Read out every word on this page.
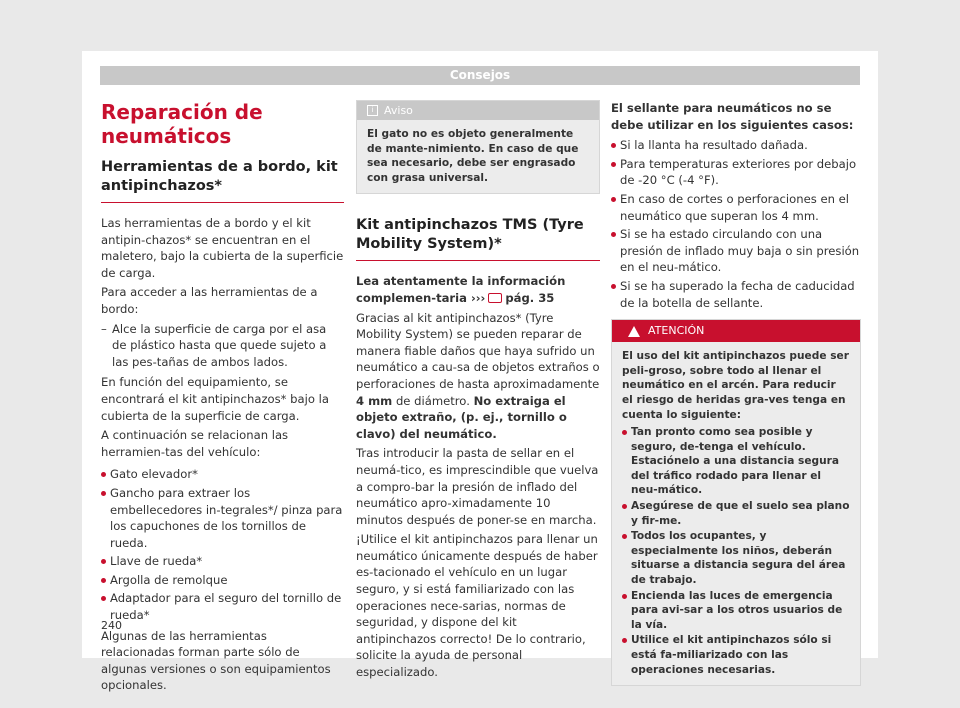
Consejos
Reparación de neumáticos
Herramientas de a bordo, kit antipinchazos*

Las herramientas de a bordo y el kit antipin-chazos* se encuentran en el maletero, bajo la cubierta de la superficie de carga.

Para acceder a las herramientas de a bordo:

– Alce la superficie de carga por el asa de plástico hasta que quede sujeto a las pes-tañas de ambos lados.

En función del equipamiento, se encontrará el kit antipinchazos* bajo la cubierta de la superficie de carga.

A continuación se relacionan las herramien-tas del vehículo:

Gato elevador*
Gancho para extraer los embellecedores in-tegrales*/ pinza para los capuchones de los tornillos de rueda.
Llave de rueda*
Argolla de remolque
Adaptador para el seguro del tornillo de rueda*

Algunas de las herramientas relacionadas forman parte sólo de algunas versiones o son equipamientos opcionales.

i Aviso
El gato no es objeto generalmente de mante-nimiento. En caso de que sea necesario, debe ser engrasado con grasa universal.
Kit antipinchazos TMS (Tyre Mobility System)*

Lea atentamente la información complemen-taria ››› pág. 35

Gracias al kit antipinchazos* (Tyre Mobility System) se pueden reparar de manera fiable daños que haya sufrido un neumático a cau-sa de objetos extraños o perforaciones de hasta aproximadamente 4 mm de diámetro. No extraiga el objeto extraño, (p. ej., tornillo o clavo) del neumático.

Tras introducir la pasta de sellar en el neumá-tico, es imprescindible que vuelva a compro-bar la presión de inflado del neumático apro-ximadamente 10 minutos después de poner-se en marcha.

¡Utilice el kit antipinchazos para llenar un neumático únicamente después de haber es-tacionado el vehículo en un lugar seguro, y si está familiarizado con las operaciones nece-sarias, normas de seguridad, y dispone del kit antipinchazos correcto! De lo contrario, solicite la ayuda de personal especializado.

El sellante para neumáticos no se debe utilizar en los siguientes casos:

Si la llanta ha resultado dañada.
Para temperaturas exteriores por debajo de -20 °C (-4 °F).
En caso de cortes o perforaciones en el neumático que superan los 4 mm.
Si se ha estado circulando con una presión de inflado muy baja o sin presión en el neu-mático.
Si se ha superado la fecha de caducidad de la botella de sellante.
ATENCIÓN

El uso del kit antipinchazos puede ser peli-groso, sobre todo al llenar el neumático en el arcén. Para reducir el riesgo de heridas gra-ves tenga en cuenta lo siguiente:

Tan pronto como sea posible y seguro, de-tenga el vehículo. Estaciónelo a una distancia segura del tráfico rodado para llenar el neu-mático.
Asegúrese de que el suelo sea plano y fir-me.
Todos los ocupantes, y especialmente los niños, deberán situarse a distancia segura del área de trabajo.
Encienda las luces de emergencia para avi-sar a los otros usuarios de la vía.
Utilice el kit antipinchazos sólo si está fa-miliarizado con las operaciones necesarias.
240
